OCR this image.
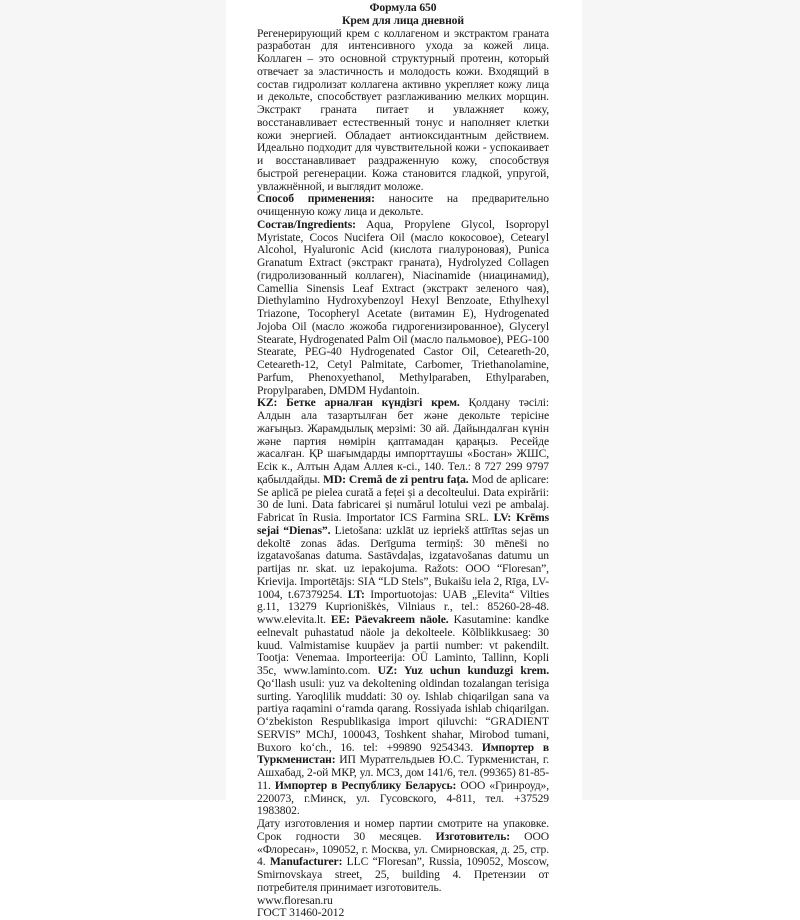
Формула 650

Крем для лица дневной

Регенерирующий крем с коллагеном и экстрактом граната разработан для интенсивного ухода за кожей лица. Коллаген – это основной структурный протеин, который отвечает за эластичность и молодость кожи. Входящий в состав гидролизат коллагена активно укрепляет кожу лица и декольте, способствует разглаживанию мелких морщин. Экстракт граната питает и увлажняет кожу, восстанавливает естественный тонус и наполняет клетки кожи энергией. Обладает антиоксидантным действием. Идеально подходит для чувствительной кожи - успокаивает и восстанавливает раздраженную кожу, способствуя быстрой регенерации. Кожа становится гладкой, упругой, увлажнённой, и выглядит моложе.

Способ применения: наносите на предварительно очищенную кожу лица и декольте.

Состав/Ingredients: Aqua, Propylene Glycol, Isopropyl Myristate, Cocos Nucifera Oil (масло кокосовое), Cetearyl Alcohol, Hyaluronic Acid (кислота гиалуроновая), Punica Granatum Extract (экстракт граната), Hydrolyzed Collagen (гидролизованный коллаген), Niacinamide (ниацинамид), Camellia Sinensis Leaf Extract (экстракт зеленого чая), Diethylamino Hydroxybenzoyl Hexyl Benzoate, Ethylhexyl Triazone, Tocopheryl Acetate (витамин Е), Hydrogenated Jojoba Oil (масло жожоба гидрогенизированное), Glyceryl Stearate, Hydrogenated Palm Oil (масло пальмовое), PEG-100 Stearate, PEG-40 Hydrogenated Castor Oil, Ceteareth-20, Ceteareth-12, Cetyl Palmitate, Carbomer, Triethanolamine, Parfum, Phenoxyethanol, Methylparaben, Ethylparaben, Propylparaben, DMDM Hydantoin.

KZ: Бетке арналған күндізгі крем. Қолдану тәсілі: Алдын ала тазартылған бет және декольте терісіне жағыңыз. Жарамдылық мерзімі: 30 ай. Дайындалған күнін және партия нөмірін қаптамадан қараңыз. Ресейде жасалған. ҚР шағымдарды импорттаушы «Бостан» ЖШС, Есік к., Алтын Адам Аллея к-сі., 140. Тел.: 8 727 299 9797 қабылдайды. MD: Cremă de zi pentru fața. Mod de aplicare: Se aplică pe pielea curată a feței și a decolteului. Data expirării: 30 de luni. Data fabricarei și numărul lotului vezi pe ambalaj. Fabricat în Rusia. Importator ICS Farmina SRL. LV: Krēms sejai “Dienas”. Lietošana: uzklāt uz iepriekš attīrītas sejas un dekoltē zonas ādas. Derīguma termiņš: 30 mēneši no izgatavošanas datuma. Sastāvdaļas, izgatavošanas datumu un partijas nr. skat. uz iepakojuma. Ražots: OOO “Floresan”, Krievija. Importētājs: SIA “LD Stels”, Bukaišu iela 2, Rīga, LV-1004, t.67379254. LT: Importuotojas: UAB „Elevita“ Vilties g.11, 13279 Kuprioniškės, Vilniaus r., tel.: 85260-28-48. www.elevita.lt. EE: Päevakreem näole. Kasutamine: kandke eelnevalt puhastatud näole ja dekolteele. Kõlblikkusaeg: 30 kuud. Valmistamise kuupäev ja partii number: vt pakendilt. Tootja: Venemaa. Importeerija: OÜ Laminto, Tallinn, Kopli 35c, www.laminto.com. UZ: Yuz uchun kunduzgi krem. Qo‘llash usuli: yuz va dekoltening oldindan tozalangan terisiga surting. Yaroqlilik muddati: 30 oy. Ishlab chiqarilgan sana va partiya raqamini o‘ramda qarang. Rossiyada ishlab chiqarilgan. O‘zbekiston Respublikasiga import qiluvchi: “GRADIENT SERVIS” MChJ, 100043, Toshkent shahar, Mirobod tumani, Buxoro ko‘ch., 16. tel: +99890 9254343. Импортер в Туркменистан: ИП Муратгельдыев Ю.С. Туркменистан, г. Ашхабад, 2-ой МКР, ул. МСЗ, дом 141/6, тел. (99365) 81-85-11. Импортер в Республику Беларусь: ООО «Гринроуд», 220073, г.Минск, ул. Гусовского, 4-811, тел. +37529 1983802.

Дату изготовления и номер партии смотрите на упаковке. Срок годности 30 месяцев. Изготовитель: ООО «Флоресан», 109052, г. Москва, ул. Смирновская, д. 25, стр. 4. Manufacturer: LLC “Floresan”, Russia, 109052, Moscow, Smirnovskaya street, 25, building 4. Претензии от потребителя принимает изготовитель.

www.floresan.ru

ГОСТ 31460-2012
